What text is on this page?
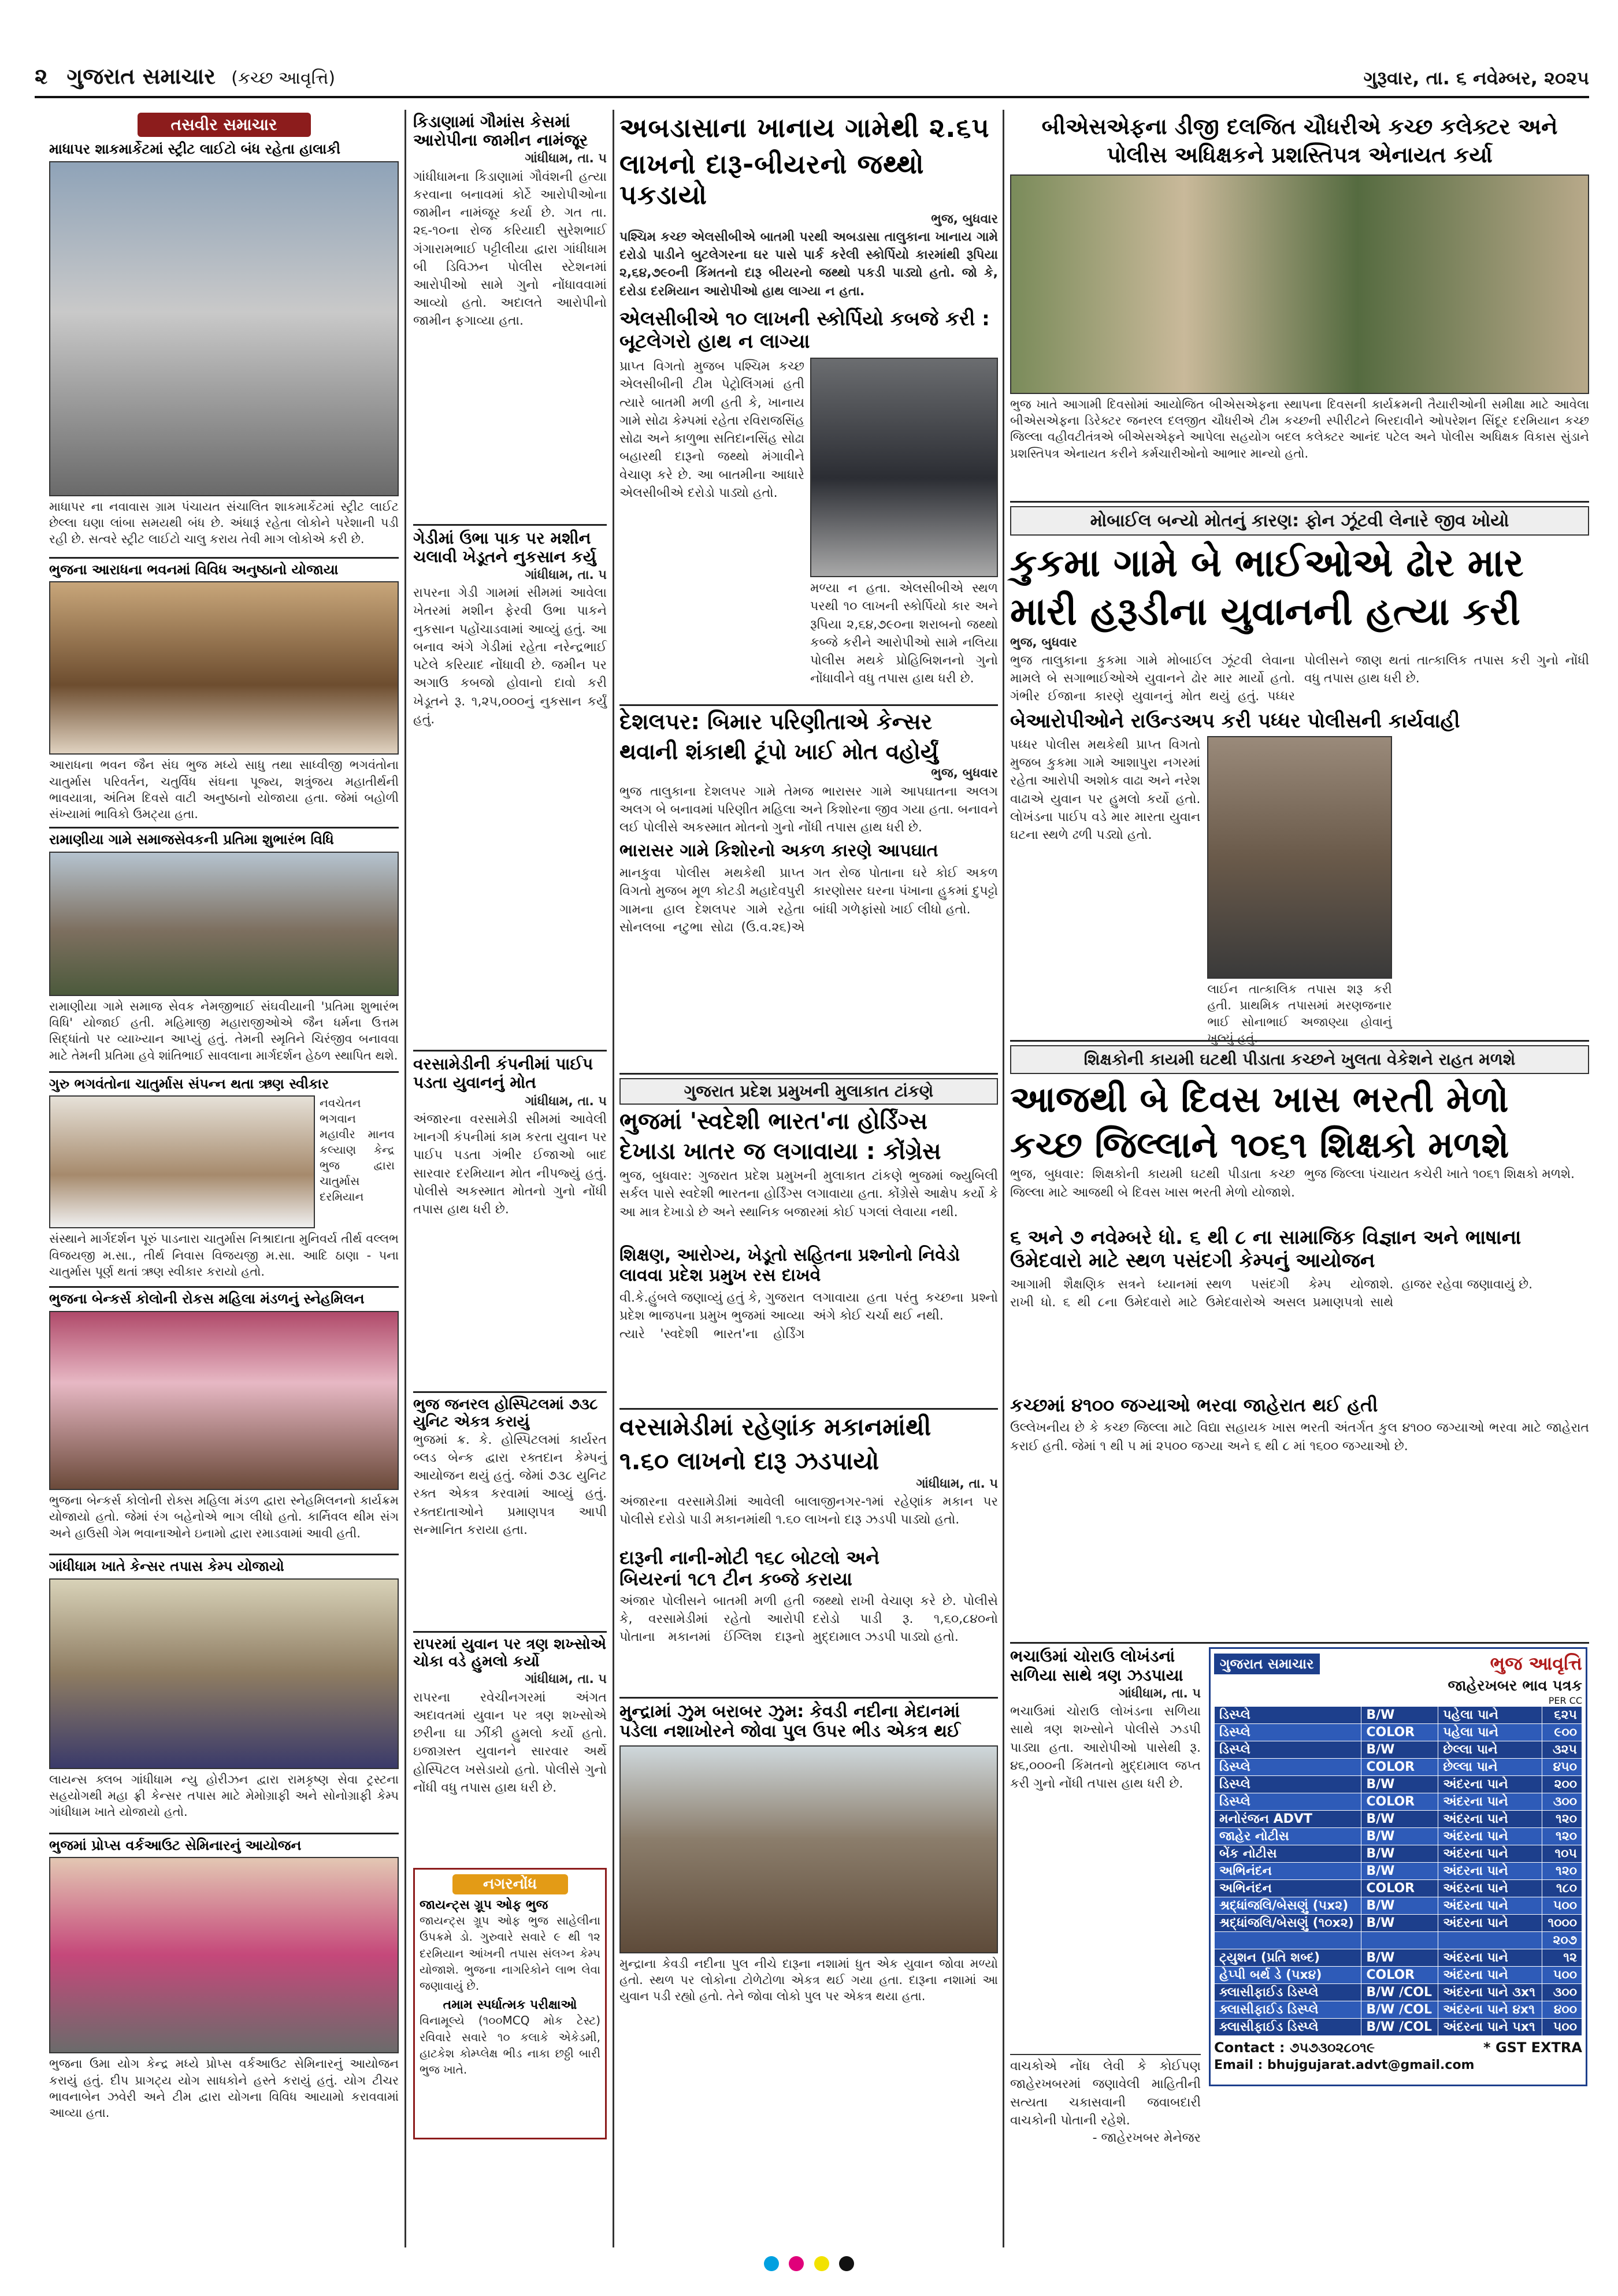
૨ ગુજરાત સમાચાર (કચ્છ આવૃત્તિ)	ગુરૂવાર, તા. ૬ નવેમ્બર, ૨૦૨૫
તસવીર સમાચાર
માધાપર શાકમાર્કેટમાં સ્ટ્રીટ લાઈટો બંધ રહેતા હાલાકી
માધાપર ના નવાવાસ ગ્રામ પંચાયત સંચાલિત શાકમાર્કેટમાં સ્ટ્રીટ લાઈટ છેલ્લા ઘણા લાંબા સમયથી બંધ છે. અંધારૂં રહેતા લોકોને પરેશાની પડી રહી છે. સત્વરે સ્ટ્રીટ લાઈટો ચાલુ કરાય તેવી માગ લોકોએ કરી છે.
ભુજના આરાધના ભવનમાં વિવિધ અનુષ્ઠાનો યોજાયા
આરાધના ભવન જૈન સંઘ ભુજ મધ્યે સાધુ તથા સાધ્વીજી ભગવંતોના ચાતુર્માસ પરિવર્તન, ચતુર્વિધ સંઘના પૂજ્ય, શત્રુંજય મહાતીર્થની ભાવયાત્રા, અંતિમ દિવસે વાટી અનુષ્ઠાનો યોજાયા હતા. જેમાં બહોળી સંખ્યામાં ભાવિકો ઉમટ્યા હતા.
રામાણીયા ગામે સમાજસેવકની પ્રતિમા શુભારંભ વિધિ
રામાણીયા ગામે સમાજ સેવક નેમજીભાઈ સંઘવીયાની 'પ્રતિમા શુભારંભ વિધિ' યોજાઈ હતી. મહિમાજી મહારાજીઓએ જૈન ધર્મના ઉત્તમ સિદ્ધાંતો પર વ્યાખ્યાન આપ્યું હતું. તેમની સ્મૃતિને ચિરંજીવ બનાવવા માટે તેમની પ્રતિમા હવે શાંતિભાઈ સાવલાના માર્ગદર્શન હેઠળ સ્થાપિત થશે.
ગુરુ ભગવંતોના ચાતુર્માસ સંપન્ન થતા ઋણ સ્વીકાર
નવચેતન ભગવાન મહાવીર માનવ કલ્યાણ કેન્દ્ર ભુજ દ્વારા ચાતુર્માસ દરમિયાન
સંસ્થાને માર્ગદર્શન પૂરું પાડનારા ચાતુર્માસ નિશ્રાદાતા મુનિવર્ય તીર્થ વલ્લભ વિજયજી મ.સા., તીર્થ નિવાસ વિજયજી મ.સા. આદિ ઠાણા - પના ચાતુર્માસ પૂર્ણ થતાં ઋણ સ્વીકાર કરાયો હતો.
ભુજના બેન્કર્સ કોલોની રોકસ મહિલા મંડળનું સ્નેહમિલન
ભુજના બેન્કર્સ કોલોની રોક્સ મહિલા મંડળ દ્વારા સ્નેહમિલનનો કાર્યક્રમ યોજાયો હતો. જેમાં રંગ બહેનોએ ભાગ લીધો હતો. કાર્નિવલ થીમ સંગ અને હાઉસી ગેમ ભવાનાઓને ઇનામો દ્વારા રમાડવામાં આવી હતી.
ગાંધીધામ ખાતે કેન્સર તપાસ કેમ્પ યોજાયો
લાયન્સ ક્લબ ગાંધીધામ ન્યુ હોરીઝન દ્વારા રામકૃષ્ણ સેવા ટ્રસ્ટના સહયોગથી મહા ફ્રી કેન્સર તપાસ માટે મેમોગ્રાફી અને સોનોગ્રાફી કેમ્પ ગાંધીધામ ખાતે યોજાયો હતો.
ભુજમાં પ્રોપ્સ વર્કઆઉટ સેમિનારનું આયોજન
ભુજના ઉમા યોગ કેન્દ્ર મધ્યે પ્રોપ્સ વર્કઆઉટ સેમિનારનું આયોજન કરાયું હતું. દીપ પ્રાગટ્ય યોગ સાધકોને હસ્તે કરાયું હતું. યોગ ટીચર ભાવનાબેન ઝવેરી અને ટીમ દ્વારા યોગના વિવિધ આયામો કરાવવામાં આવ્યા હતા.
કિડાણામાં ગૌમાંસ કેસમાં આરોપીના જામીન નામંજૂર
ગાંધીધામ, તા. ૫
ગાંધીધામના કિડાણામાં ગૌવંશની હત્યા કરવાના બનાવમાં કોર્ટે આરોપીઓના જામીન નામંજૂર કર્યા છે. ગત તા. ૨૬-૧૦ના રોજ કરિયાદી સુરેશભાઈ ગંગારામભાઈ પટ્ટીલીયા દ્વારા ગાંધીધામ બી ડિવિઝન પોલીસ સ્ટેશનમાં આરોપીઓ સામે ગુનો નોંધાવવામાં આવ્યો હતો. અદાલતે આરોપીનો જામીન ફગાવ્યા હતા.
ગેડીમાં ઉભા પાક પર મશીન ચલાવી ખેડૂતને નુકસાન કર્યુ
ગાંધીધામ, તા. ૫
રાપરના ગેડી ગામમાં સીમમાં આવેલા ખેતરમાં મશીન ફેરવી ઉભા પાકને નુકસાન પહોંચાડવામાં આવ્યું હતું. આ બનાવ અંગે ગેડીમાં રહેતા નરેન્દ્રભાઈ પટેલે કરિયાદ નોંધાવી છે. જમીન પર અગાઉ કબજો હોવાનો દાવો કરી ખેડૂતને રૂ. ૧,૨૫,૦૦૦નું નુકસાન કર્યું હતું.
વરસામેડીની કંપનીમાં પાઈપ પડતા યુવાનનું મોત
ગાંધીધામ, તા. ૫
અંજારના વરસામેડી સીમમાં આવેલી ખાનગી કંપનીમાં કામ કરતા યુવાન પર પાઈપ પડતા ગંભીર ઈજાઓ બાદ સારવાર દરમિયાન મોત નીપજ્યું હતું. પોલીસે અકસ્માત મોતનો ગુનો નોંધી તપાસ હાથ ધરી છે.
ભુજ જનરલ હોસ્પિટલમાં ૭૩૮ યુનિટ એકત્ર કરાયું
ભુજમાં ક્ર. કે. હોસ્પિટલમાં કાર્યરત બ્લડ બેન્ક દ્વારા રક્તદાન કેમ્પનું આયોજન થયું હતું. જેમાં ૭૩૮ યુનિટ રક્ત એકત્ર કરવામાં આવ્યું હતું. રક્તદાતાઓને પ્રમાણપત્ર આપી સન્માનિત કરાયા હતા.
રાપરમાં યુવાન પર ત્રણ શખ્સોએ ચોકા વડે હુમલો કર્યો
ગાંધીધામ, તા. ૫
રાપરના રવેચીનગરમાં અંગત અદાવતમાં યુવાન પર ત્રણ શખ્સોએ છરીના ઘા ઝીંકી હુમલો કર્યો હતો. ઇજાગ્રસ્ત યુવાનને સારવાર અર્થે હોસ્પિટલ ખસેડાયો હતો. પોલીસે ગુનો નોંધી વધુ તપાસ હાથ ધરી છે.
નગરનોંધ
જાયન્ટ્સ ગ્રૂપ ઓફ ભુજ
જાયન્ટ્સ ગ્રૂપ ઓફ ભુજ સાહેલીના ઉપક્રમે ડો. ગુરુવારે સવારે ૯ થી ૧૨ દરમિયાન આંખની તપાસ સંલગ્ન કેમ્પ યોજાશે. ભુજના નાગરિકોને લાભ લેવા જણાવાયું છે.
તમામ સ્પર્ધાત્મક પરીક્ષાઓ
વિનામૂલ્યે (૧૦૦MCQ મોક ટેસ્ટ) રવિવારે સવારે ૧૦ કલાકે એકેડમી, હાટકેશ કોમ્પ્લેક્ષ ભીડ નાકા છઠ્ઠી બારી ભુજ ખાતે.
અબડાસાના ખાનાય ગામેથી ૨.૬૫
લાખનો દારૂ-બીયરનો જથ્થો પકડાયો
ભુજ, બુધવાર
પશ્ચિમ કચ્છ એલસીબીએ બાતમી પરથી અબડાસા તાલુકાના ખાનાય ગામે દરોડો પાડીને બુટલેગરના ઘર પાસે પાર્ક કરેલી સ્કોર્પિયો કારમાંથી રૂપિયા ૨,૬૪,૭૯૦ની કિંમતનો દારૂ બીયરનો જથ્થો પકડી પાડ્યો હતો. જો કે, દરોડા દરમિયાન આરોપીઓ હાથ લાગ્યા ન હતા.
એલસીબીએ ૧૦ લાખની સ્કોર્પિયો કબજે કરી : બૂટલેગરો હાથ ન લાગ્યા
પ્રાપ્ત વિગતો મુજબ પશ્ચિમ કચ્છ એલસીબીની ટીમ પેટ્રોલિંગમાં હતી ત્યારે બાતમી મળી હતી કે, ખાનાય ગામે સોઢા કેમ્પમાં રહેતા રવિરાજસિંહ સોઢા અને કાળુભા સતિદાનસિંહ સોઢા બહારથી દારૂનો જથ્થો મંગાવીને વેચાણ કરે છે. આ બાતમીના આધારે એલસીબીએ દરોડો પાડ્યો હતો.
મળ્યા ન હતા. એલસીબીએ સ્થળ પરથી ૧૦ લાખની સ્કોર્પિયો કાર અને રૂપિયા ૨,૬૪,૭૯૦ના શરાબનો જથ્થો કબ્જે કરીને આરોપીઓ સામે નલિયા પોલીસ મથકે પ્રોહિબિશનનો ગુનો નોંધાવીને વધુ તપાસ હાથ ધરી છે.
દેશલપર: બિમાર પરિણીતાએ કેન્સર
થવાની શંકાથી ટૂંપો ખાઈ મોત વહોર્યું
ભુજ, બુધવાર
ભુજ તાલુકાના દેશલપર ગામે તેમજ ભારાસર ગામે આપઘાતના અલગ અલગ બે બનાવમાં પરિણીત મહિલા અને કિશોરના જીવ ગયા હતા. બનાવને લઈ પોલીસે અકસ્માત મોતનો ગુનો નોંધી તપાસ હાથ ધરી છે.
ભારાસર ગામે કિશોરનો અકળ કારણે આપઘાત
માનકુવા પોલીસ મથકેથી પ્રાપ્ત વિગતો મુજબ મૂળ કોટડી મહાદેવપુરી ગામના હાલ દેશલપર ગામે રહેતા સોનલબા નટુભા સોઢા (ઉ.વ.૨૬)એ ગત રોજ પોતાના ઘરે કોઈ અકળ કારણોસર ઘરના પંખાના હુકમાં દુપટ્ટો બાંધી ગળેફાંસો ખાઈ લીધો હતો.
ગુજરાત પ્રદેશ પ્રમુખની મુલાકાત ટાંકણે
ભુજમાં 'સ્વદેશી ભારત'ના હોર્ડિંગ્સ
દેખાડા ખાતર જ લગાવાયા : કોંગ્રેસ
ભુજ, બુધવાર: ગુજરાત પ્રદેશ પ્રમુખની મુલાકાત ટાંકણે ભુજમાં જ્યુબિલી સર્કલ પાસે સ્વદેશી ભારતના હોર્ડિંગ્સ લગાવાયા હતા. કોંગ્રેસે આક્ષેપ કર્યો કે આ માત્ર દેખાડો છે અને સ્થાનિક બજારમાં કોઈ પગલાં લેવાયા નથી.
શિક્ષણ, આરોગ્ય, ખેડૂતો સહિતના પ્રશ્નોનો નિવેડો લાવવા પ્રદેશ પ્રમુખ રસ દાખવે
વી.કે.હુંબલે જણાવ્યું હતું કે, ગુજરાત પ્રદેશ ભાજપના પ્રમુખ ભુજમાં આવ્યા ત્યારે 'સ્વદેશી ભારત'ના હોર્ડિંગ લગાવાયા હતા પરંતુ કચ્છના પ્રશ્નો અંગે કોઈ ચર્ચા થઈ નથી.
વરસામેડીમાં રહેણાંક મકાનમાંથી
૧.૬૦ લાખનો દારૂ ઝડપાયો
ગાંધીધામ, તા. ૫
અંજારના વરસામેડીમાં આવેલી બાલાજીનગર-૧માં રહેણાંક મકાન પર પોલીસે દરોડો પાડી મકાનમાંથી ૧.૬૦ લાખનો દારૂ ઝડપી પાડ્યો હતો.
દારૂની નાની-મોટી ૧૬૮ બોટલો અને
બિયરનાં ૧૮૧ ટીન કબ્જે કરાયા
અંજાર પોલીસને બાતમી મળી હતી કે, વરસામેડીમાં રહેતો આરોપી પોતાના મકાનમાં ઈંગ્લિશ દારૂનો જથ્થો રાખી વેચાણ કરે છે. પોલીસે દરોડો પાડી રૂ. ૧,૬૦,૮૪૦નો મુદ્દામાલ ઝડપી પાડ્યો હતો.
મુન્દ્રામાં ઝુમ બરાબર ઝુમ: કેવડી નદીના મેદાનમાં
પડેલા નશાખોરને જોવા પુલ ઉપર ભીડ એકત્ર થઈ
મુન્દ્રાના કેવડી નદીના પુલ નીચે દારૂના નશામાં ધુત એક યુવાન જોવા મળ્યો હતો. સ્થળ પર લોકોના ટોળેટોળા એકત્ર થઈ ગયા હતા. દારૂના નશામાં આ યુવાન પડી રહ્યો હતો. તેને જોવા લોકો પુલ પર એકત્ર થયા હતા.
બીએસએફના ડીજી દલજિત ચૌધરીએ કચ્છ કલેક્ટર અને પોલીસ અધિક્ષકને પ્રશસ્તિપત્ર એનાયત કર્યા
ભુજ ખાતે આગામી દિવસોમાં આયોજિત બીએસએફના સ્થાપના દિવસની કાર્યક્રમની તૈયારીઓની સમીક્ષા માટે આવેલા બીએસએફના ડિરેક્ટર જનરલ દલજીત ચૌધરીએ ટીમ કચ્છની સ્પીરીટને બિરદાવીને ઓપરેશન સિંદૂર દરમિયાન કચ્છ જિલ્લા વહીવટીતંત્રએ બીએસએફને આપેલા સહયોગ બદલ કલેક્ટર આનંદ પટેલ અને પોલીસ અધિક્ષક વિકાસ સુંડાને પ્રશસ્તિપત્ર એનાયત કરીને કર્મચારીઓનો આભાર માન્યો હતો.
મોબાઈલ બન્યો મોતનું કારણ: ફોન ઝૂંટવી લેનારે જીવ ખોયો
કુકમા ગામે બે ભાઈઓએ ઢોર માર
મારી હરૂડીના યુવાનની હત્યા કરી
ભુજ, બુધવાર
ભુજ તાલુકાના કુકમા ગામે મોબાઈલ ઝૂંટવી લેવાના મામલે બે સગાભાઈઓએ યુવાનને ઢોર માર માર્યો હતો. ગંભીર ઈજાના કારણે યુવાનનું મોત થયું હતું. પધ્ધર પોલીસને જાણ થતાં તાત્કાલિક તપાસ કરી ગુનો નોંધી વધુ તપાસ હાથ ધરી છે.
બેઆરોપીઓને રાઉન્ડઅપ કરી પધ્ધર પોલીસની કાર્યવાહી
પધ્ધર પોલીસ મથકેથી પ્રાપ્ત વિગતો મુજબ કુકમા ગામે આશાપુરા નગરમાં રહેતા આરોપી અશોક વાઢા અને નરેશ વાઢાએ યુવાન પર હુમલો કર્યો હતો. લોખંડના પાઈપ વડે માર મારતા યુવાન ઘટના સ્થળે ઢળી પડ્યો હતો.
લાઈન તાત્કાલિક તપાસ શરૂ કરી હતી. પ્રાથમિક તપાસમાં મરણજનાર ભાઈ સોનાભાઈ અજાણ્યા હોવાનું ખુલ્યું હતું.
શિક્ષકોની કાયમી ઘટથી પીડાતા કચ્છને ખુલતા વેકેશને રાહત મળશે
આજથી બે દિવસ ખાસ ભરતી મેળો
કચ્છ જિલ્લાને ૧૦૬૧ શિક્ષકો મળશે
ભુજ, બુધવાર: શિક્ષકોની કાયમી ઘટથી પીડાતા કચ્છ જિલ્લા માટે આજથી બે દિવસ ખાસ ભરતી મેળો યોજાશે. ભુજ જિલ્લા પંચાયત કચેરી ખાતે ૧૦૬૧ શિક્ષકો મળશે.
૬ અને ૭ નવેમ્બરે ધો. ૬ થી ૮ ના સામાજિક વિજ્ઞાન અને ભાષાના ઉમેદવારો માટે સ્થળ પસંદગી કેમ્પનું આયોજન
આગામી શૈક્ષણિક સત્રને ધ્યાનમાં રાખી ધો. ૬ થી ૮ના ઉમેદવારો માટે સ્થળ પસંદગી કેમ્પ યોજાશે. ઉમેદવારોએ અસલ પ્રમાણપત્રો સાથે હાજર રહેવા જણાવાયું છે.
કચ્છમાં ૪૧૦૦ જગ્યાઓ ભરવા જાહેરાત થઈ હતી
ઉલ્લેખનીય છે કે કચ્છ જિલ્લા માટે વિદ્યા સહાયક ખાસ ભરતી અંતર્ગત કુલ ૪૧૦૦ જગ્યાઓ ભરવા માટે જાહેરાત કરાઈ હતી. જેમાં ૧ થી ૫ માં ૨૫૦૦ જગ્યા અને ૬ થી ૮ માં ૧૬૦૦ જગ્યાઓ છે.
ભચાઉમાં ચોરાઉ લોખંડનાં સળિયા સાથે ત્રણ ઝડપાયા
ગાંધીધામ, તા. ૫
ભચાઉમાં ચોરાઉ લોખંડના સળિયા સાથે ત્રણ શખ્સોને પોલીસે ઝડપી પાડ્યા હતા. આરોપીઓ પાસેથી રૂ. ૪૬,૦૦૦ની કિંમતનો મુદ્દામાલ જપ્ત કરી ગુનો નોંધી તપાસ હાથ ધરી છે.
વાચકોએ નોંધ લેવી કે કોઈપણ જાહેરખબરમાં જણાવેલી માહિતીની સત્યતા ચકાસવાની જવાબદારી વાચકોની પોતાની રહેશે.
- જાહેરખબર મેનેજર
ગુજરાત સમાચાર	ભુજ આવૃત્તિ
જાહેરખબર ભાવ પત્રક
PER CC
ડિસ્પ્લે	B/W	પહેલા પાને	૬૨૫
ડિસ્પ્લે	COLOR	પહેલા પાને	૯૦૦
ડિસ્પ્લે	B/W	છેલ્લા પાને	૩૨૫
ડિસ્પ્લે	COLOR	છેલ્લા પાને	૪૫૦
ડિસ્પ્લે	B/W	અંદરના પાને	૨૦૦
ડિસ્પ્લે	COLOR	અંદરના પાને	૩૦૦
મનોરંજન ADVT	B/W	અંદરના પાને	૧૨૦
જાહેર નોટીસ	B/W	અંદરના પાને	૧૨૦
બેંક નોટીસ	B/W	અંદરના પાને	૧૦૫
અભિનંદન	B/W	અંદરના પાને	૧૨૦
અભિનંદન	COLOR	અંદરના પાને	૧૮૦
શ્રદ્ધાંજલિ/બેસણું (૫x૨)	B/W	અંદરના પાને	૫૦૦
શ્રદ્ધાંજલિ/બેસણું (૧૦x૨)	B/W	અંદરના પાને	૧૦૦૦
			૨૦૭
ટ્યુશન (પ્રતિ શબ્દ)	B/W	અંદરના પાને	૧૨
હેપ્પી બર્થ ડે (૫x૪)	COLOR	અંદરના પાને	૫૦૦
ક્લાસીફાઈડ ડિસ્પ્લે	B/W /COL	અંદરના પાને ૩x૧	૩૦૦
ક્લાસીફાઈડ ડિસ્પ્લે	B/W /COL	અંદરના પાને ૪x૧	૪૦૦
ક્લાસીફાઈડ ડિસ્પ્લે	B/W /COL	અંદરના પાને ૫x૧	૫૦૦
Contact : ૭૫૭૩૦૨૮૦૧૯	* GST EXTRA
Email : bhujgujarat.advt@gmail.com
